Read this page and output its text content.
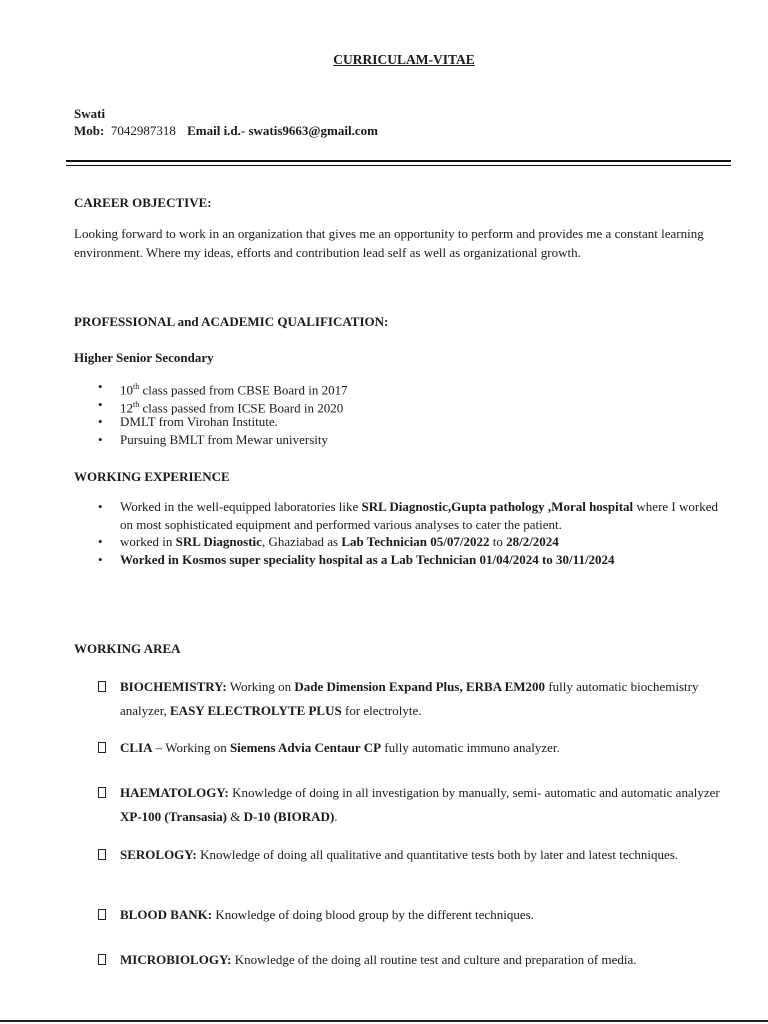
CURRICULAM-VITAE
Swati
Mob: 7042987318 Email i.d.- swatis9663@gmail.com
CAREER OBJECTIVE:
Looking forward to work in an organization that gives me an opportunity to perform and provides me a constant learning environment. Where my ideas, efforts and contribution lead self as well as organizational growth.
PROFESSIONAL and ACADEMIC QUALIFICATION:
Higher Senior Secondary
• 10th class passed from CBSE Board in 2017
• 12th class passed from ICSE Board in 2020
• DMLT from Virohan Institute.
• Pursuing BMLT from Mewar university
WORKING EXPERIENCE
• Worked in the well-equipped laboratories like SRL Diagnostic,Gupta pathology ,Moral hospital where I worked on most sophisticated equipment and performed various analyses to cater the patient.
• worked in SRL Diagnostic, Ghaziabad as Lab Technician 05/07/2022 to 28/2/2024
• Worked in Kosmos super speciality hospital as a Lab Technician 01/04/2024 to 30/11/2024
WORKING AREA
BIOCHEMISTRY: Working on Dade Dimension Expand Plus, ERBA EM200 fully automatic biochemistry analyzer, EASY ELECTROLYTE PLUS for electrolyte.
CLIA – Working on Siemens Advia Centaur CP fully automatic immuno analyzer.
HAEMATOLOGY: Knowledge of doing in all investigation by manually, semi- automatic and automatic analyzer XP-100 (Transasia) & D-10 (BIORAD).
SEROLOGY: Knowledge of doing all qualitative and quantitative tests both by later and latest techniques.
BLOOD BANK: Knowledge of doing blood group by the different techniques.
MICROBIOLOGY: Knowledge of the doing all routine test and culture and preparation of media.
